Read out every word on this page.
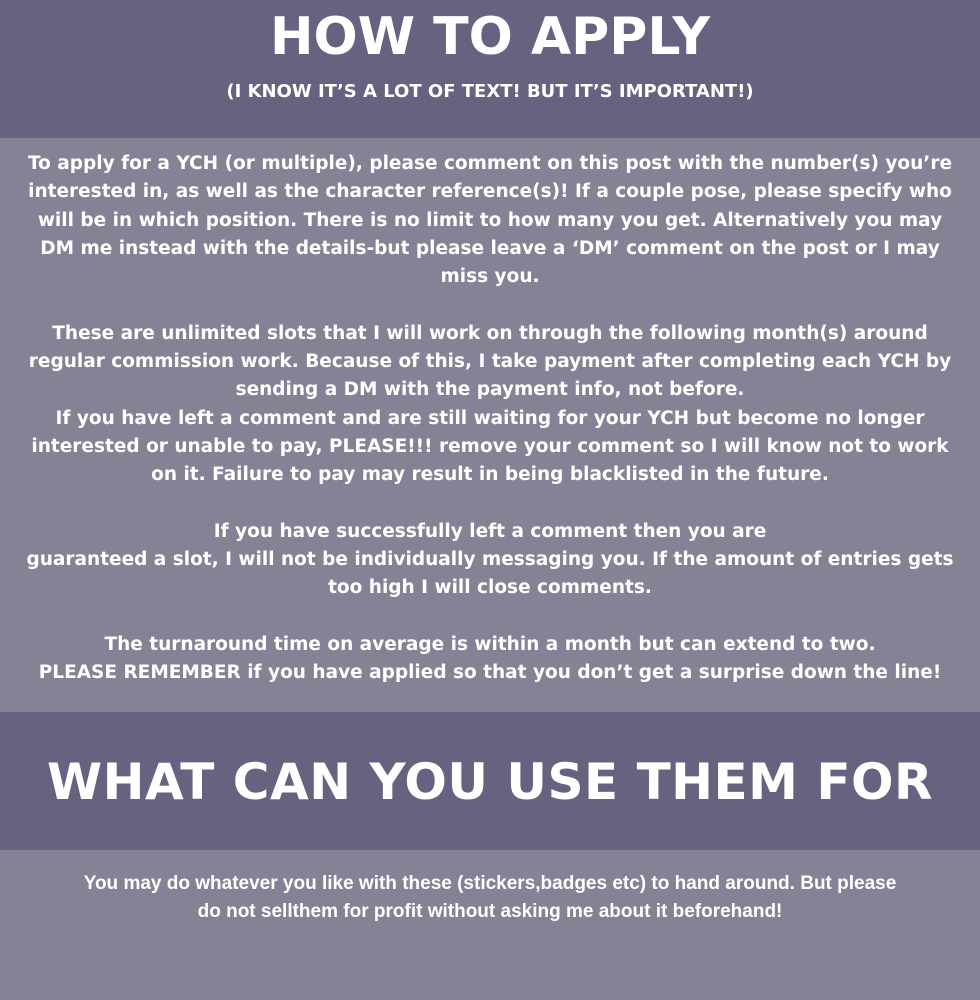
HOW TO APPLY

(I KNOW IT’S A LOT OF TEXT! BUT IT’S IMPORTANT!)

To apply for a YCH (or multiple), please comment on this post with the number(s) you’re
interested in, as well as the character reference(s)! If a couple pose, please specify who
will be in which position. There is no limit to how many you get. Alternatively you may
DM me instead with the details-but please leave a ‘DM’ comment on the post or I may
miss you.

These are unlimited slots that I will work on through the following month(s) around
regular commission work. Because of this, I take payment after completing each YCH by
sending a DM with the payment info, not before.
If you have left a comment and are still waiting for your YCH but become no longer
interested or unable to pay, PLEASE!!! remove your comment so I will know not to work
on it. Failure to pay may result in being blacklisted in the future.

If you have successfully left a comment then you are
guaranteed a slot, I will not be individually messaging you. If the amount of entries gets
too high I will close comments.

The turnaround time on average is within a month but can extend to two.
PLEASE REMEMBER if you have applied so that you don’t get a surprise down the line!

WHAT CAN YOU USE THEM FOR

You may do whatever you like with these (stickers,badges etc) to hand around. But please
do not sellthem for profit without asking me about it beforehand!
